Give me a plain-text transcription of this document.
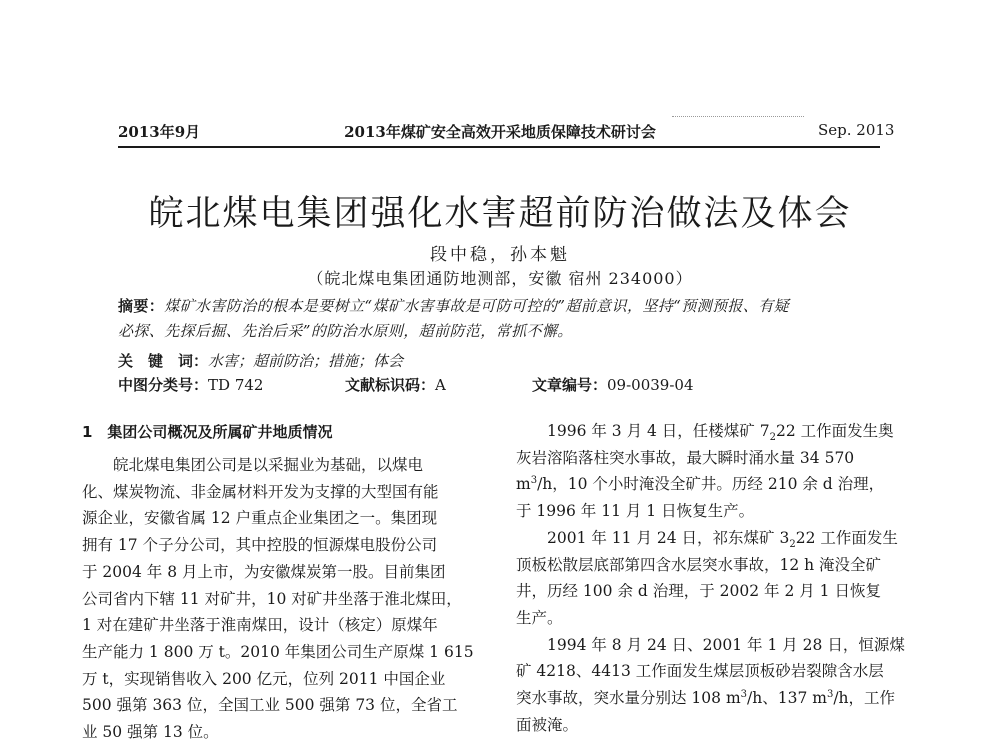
2013年9月	2013年煤矿安全高效开采地质保障技术研讨会	Sep. 2013
皖北煤电集团强化水害超前防治做法及体会
段中稳，孙本魁
（皖北煤电集团通防地测部，安徽 宿州 234000）
摘要：煤矿水害防治的根本是要树立“煤矿水害事故是可防可控的”超前意识，坚持“预测预报、有疑
必探、先探后掘、先治后采”的防治水原则，超前防范，常抓不懈。
关　键　词：水害；超前防治；措施；体会
中图分类号：TD 742	文献标识码：A	文章编号：09-0039-04
1　集团公司概况及所属矿井地质情况

　　皖北煤电集团公司是以采掘业为基础，以煤电

化、煤炭物流、非金属材料开发为支撑的大型国有能

源企业，安徽省属 12 户重点企业集团之一。集团现

拥有 17 个子分公司，其中控股的恒源煤电股份公司

于 2004 年 8 月上市，为安徽煤炭第一股。目前集团

公司省内下辖 11 对矿井，10 对矿井坐落于淮北煤田，

1 对在建矿井坐落于淮南煤田，设计（核定）原煤年

生产能力 1 800 万 t。2010 年集团公司生产原煤 1 615

万 t，实现销售收入 200 亿元，位列 2011 中国企业

500 强第 363 位，全国工业 500 强第 73 位，全省工

业 50 强第 13 位。

　　1996 年 3 月 4 日，任楼煤矿 $7_222$ 工作面发生奥

灰岩溶陷落柱突水事故，最大瞬时涌水量 34 570

$m^3/h$，10 个小时淹没全矿井。历经 210 余 d 治理，

于 1996 年 11 月 1 日恢复生产。

　　2001 年 11 月 24 日，祁东煤矿 $3_222$ 工作面发生

顶板松散层底部第四含水层突水事故，12 h 淹没全矿

井，历经 100 余 d 治理，于 2002 年 2 月 1 日恢复

生产。

　　1994 年 8 月 24 日、2001 年 1 月 28 日，恒源煤

矿 4218、4413 工作面发生煤层顶板砂岩裂隙含水层

突水事故，突水量分别达 108 $m^3/h$、137 $m^3/h$，工作

面被淹。
